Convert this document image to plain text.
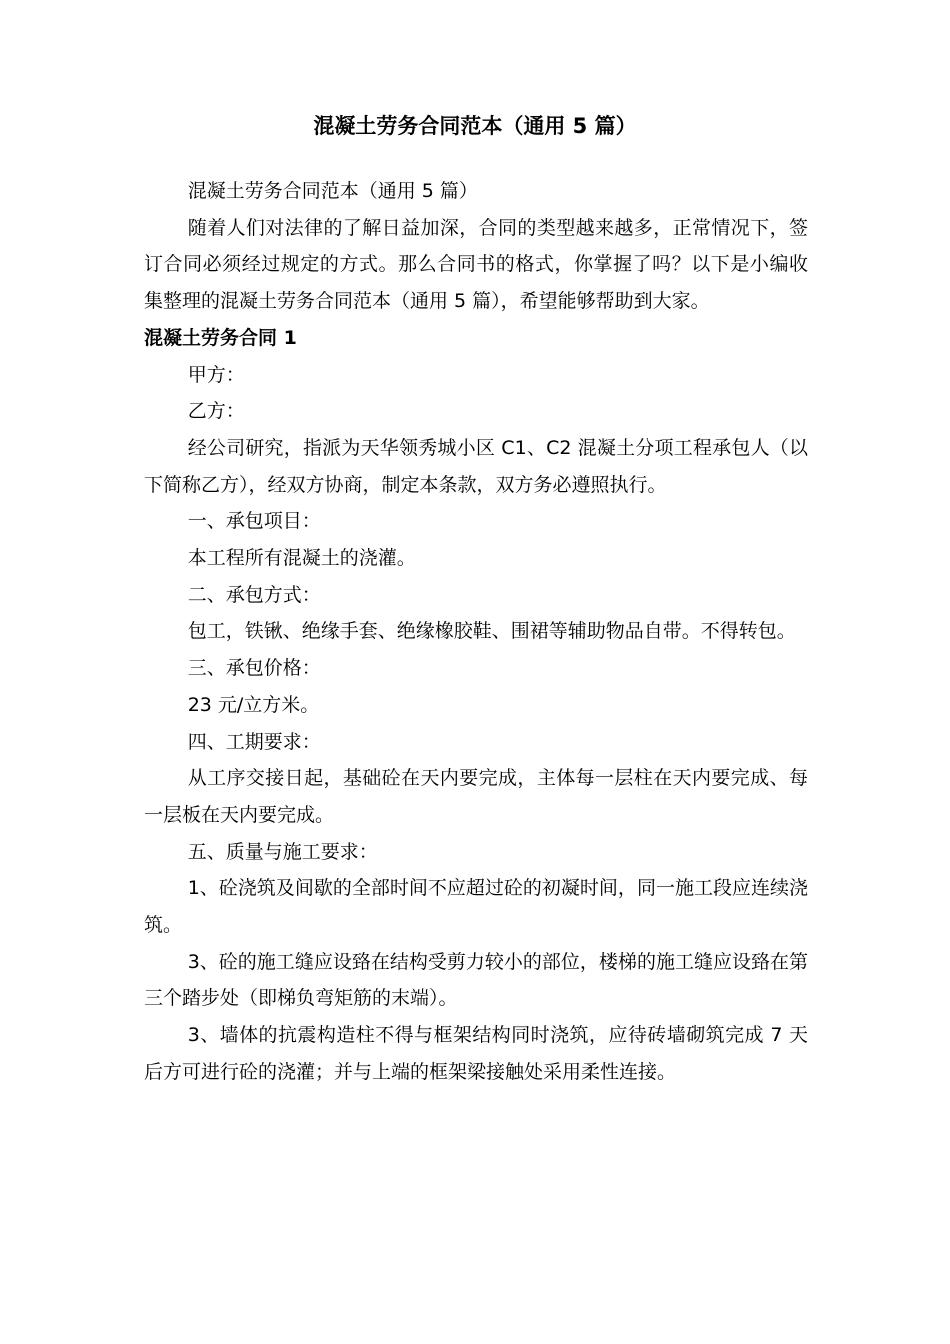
混凝土劳务合同范本（通用 5 篇）

混凝土劳务合同范本（通用 5 篇）

随着人们对法律的了解日益加深，合同的类型越来越多，正常情况下，签订合同必须经过规定的方式。那么合同书的格式，你掌握了吗？以下是小编收集整理的混凝土劳务合同范本（通用 5 篇），希望能够帮助到大家。

混凝土劳务合同 1

甲方：

乙方：

经公司研究，指派为天华领秀城小区 C1、C2 混凝土分项工程承包人（以下简称乙方），经双方协商，制定本条款，双方务必遵照执行。

一、承包项目：

本工程所有混凝土的浇灌。

二、承包方式：

包工，铁锹、绝缘手套、绝缘橡胶鞋、围裙等辅助物品自带。不得转包。

三、承包价格：

23 元/立方米。

四、工期要求：

从工序交接日起，基础砼在天内要完成，主体每一层柱在天内要完成、每一层板在天内要完成。

五、质量与施工要求：

1、砼浇筑及间歇的全部时间不应超过砼的初凝时间，同一施工段应连续浇筑。

3、砼的施工缝应设臵在结构受剪力较小的部位，楼梯的施工缝应设臵在第三个踏步处（即梯负弯矩筋的末端）。

3、墙体的抗震构造柱不得与框架结构同时浇筑，应待砖墙砌筑完成 7 天后方可进行砼的浇灌；并与上端的框架梁接触处采用柔性连接。
